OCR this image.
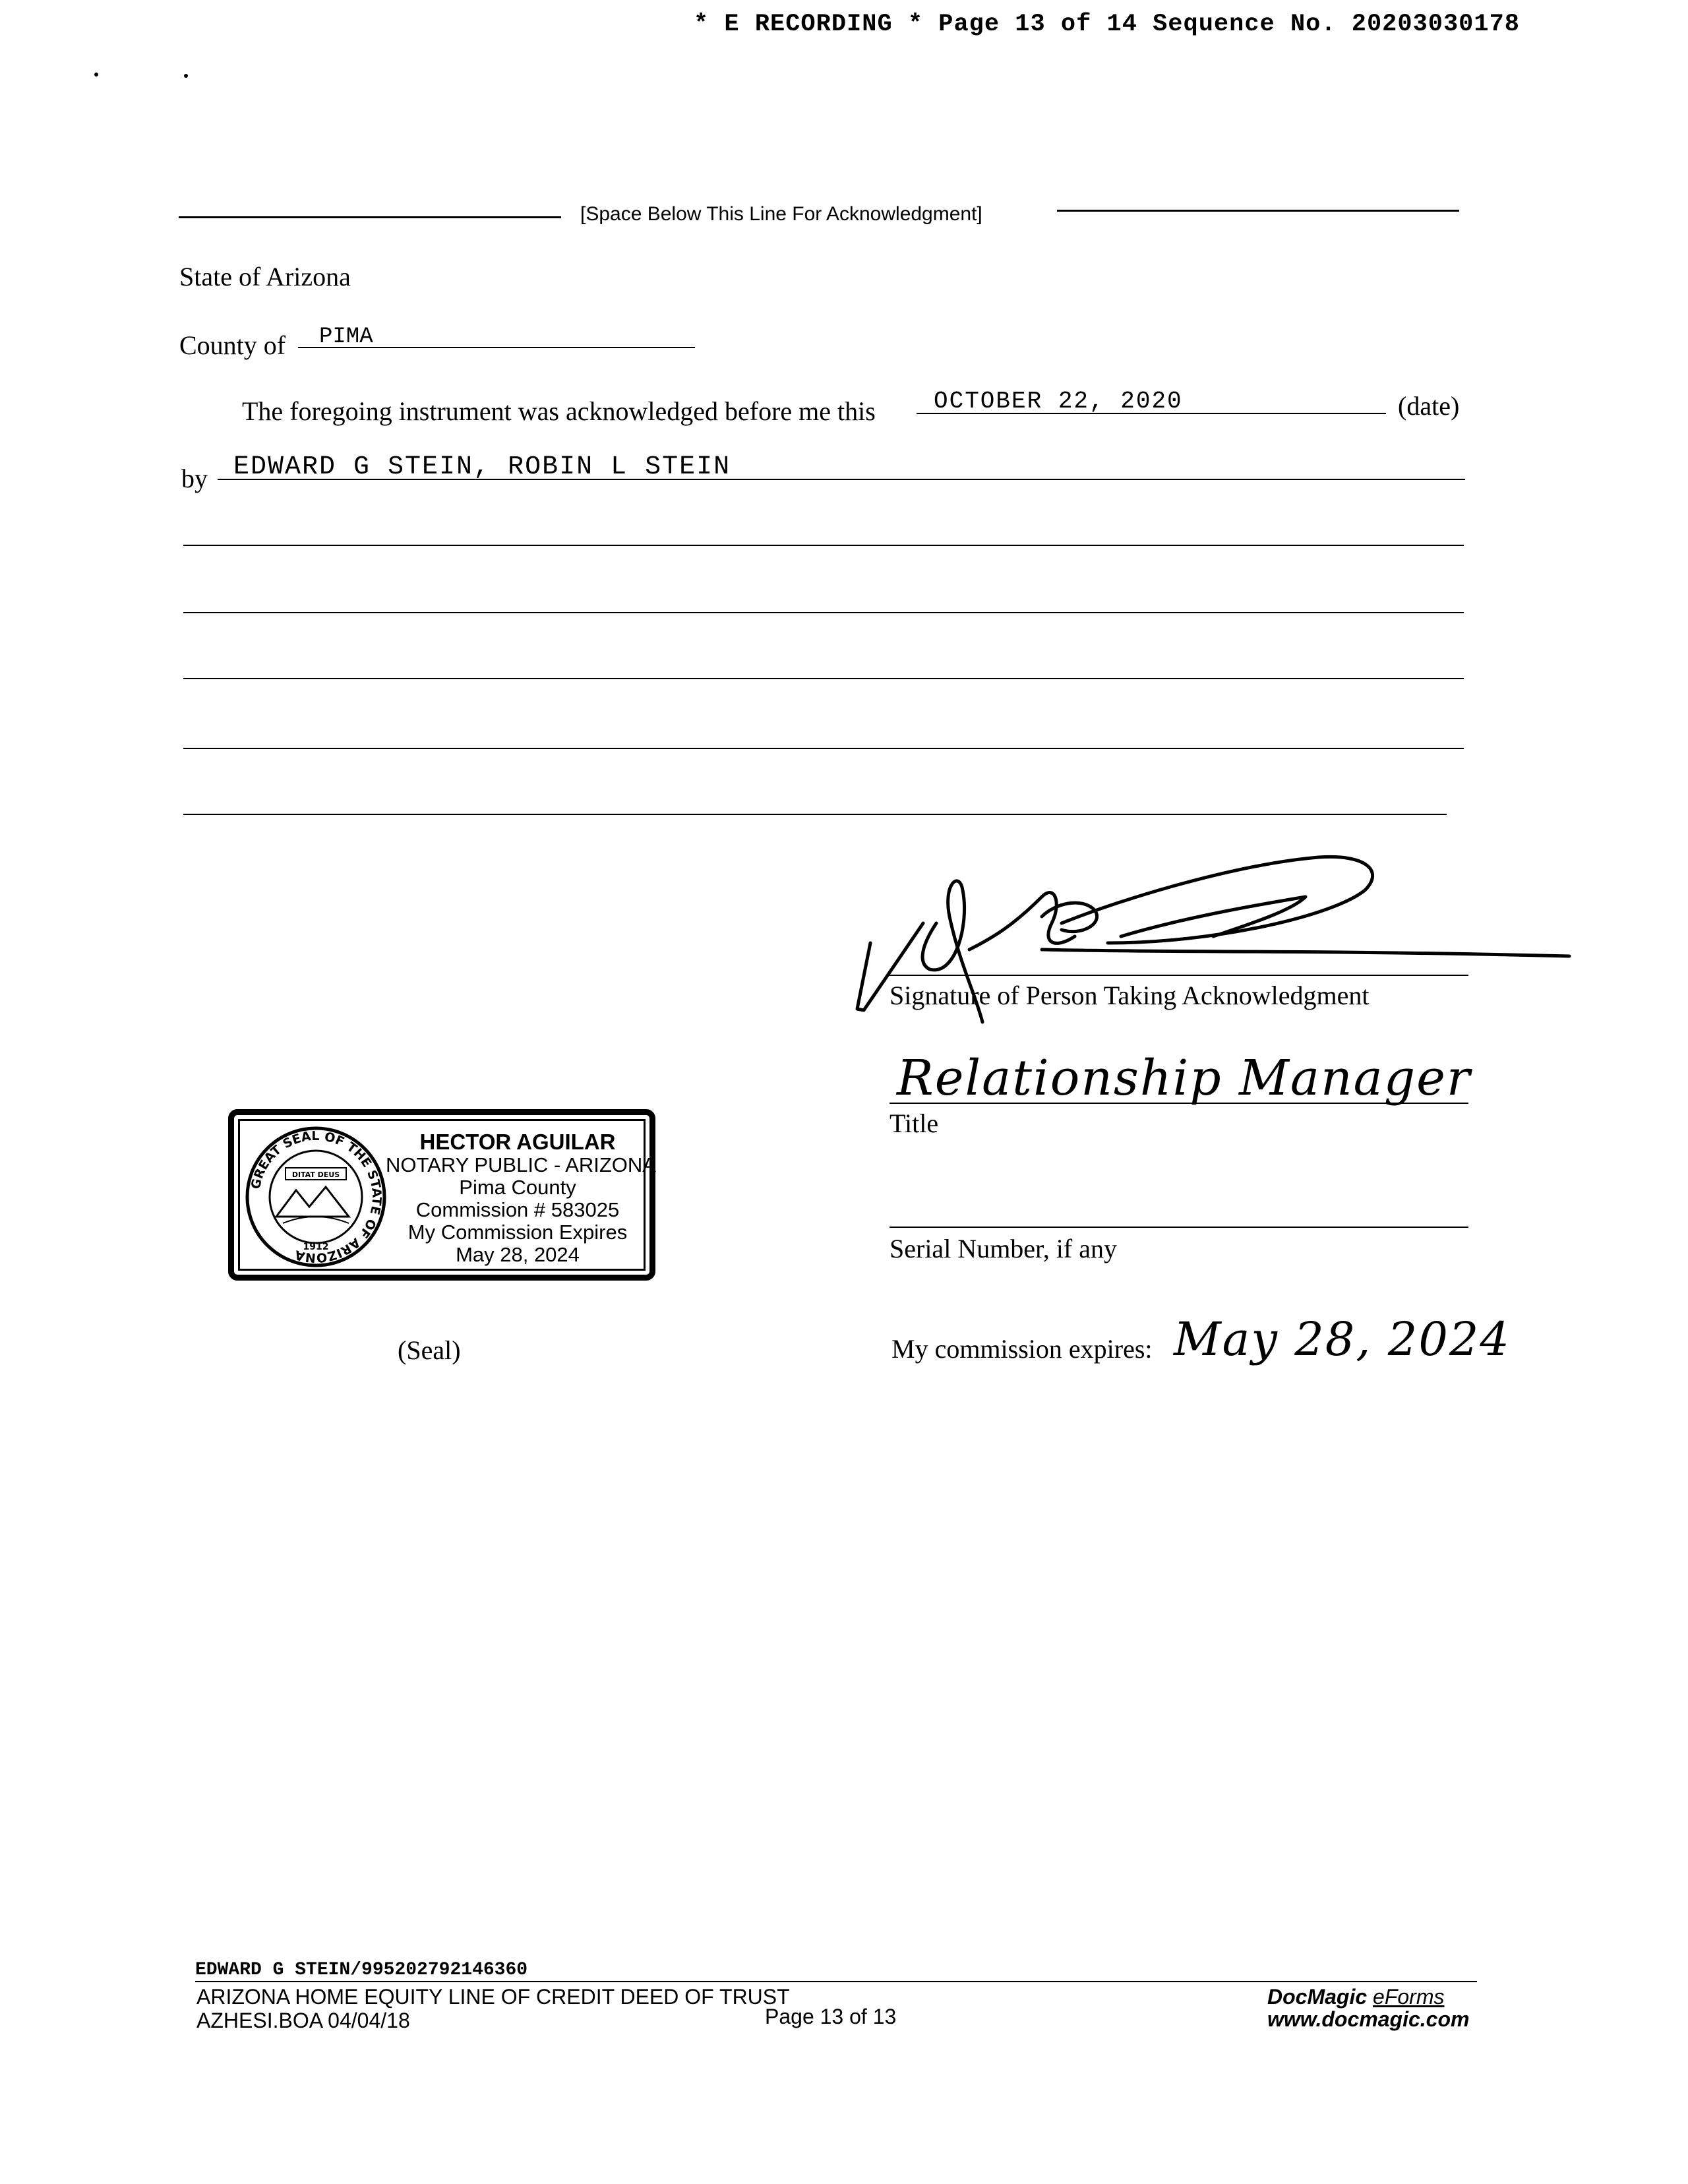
* E RECORDING * Page 13 of 14 Sequence No. 20203030178
[Space Below This Line For Acknowledgment]
State of Arizona
County of PIMA
The foregoing instrument was acknowledged before me this OCTOBER 22, 2020	(date)
by EDWARD G STEIN, ROBIN L STEIN
Signature of Person Taking Acknowledgment
Relationship Manager
Title
Serial Number, if any
My commission expires: May 28, 2024
GREAT SEAL OF THE STATE OF ARIZONA
DITAT DEUS
1912
HECTOR AGUILAR
NOTARY PUBLIC - ARIZONA
Pima County
Commission # 583025
My Commission Expires
May 28, 2024
(Seal)
EDWARD G STEIN/995202792146360
ARIZONA HOME EQUITY LINE OF CREDIT DEED OF TRUST
AZHESI.BOA 04/04/18	Page 13 of 13
DocMagic eForms
www.docmagic.com
